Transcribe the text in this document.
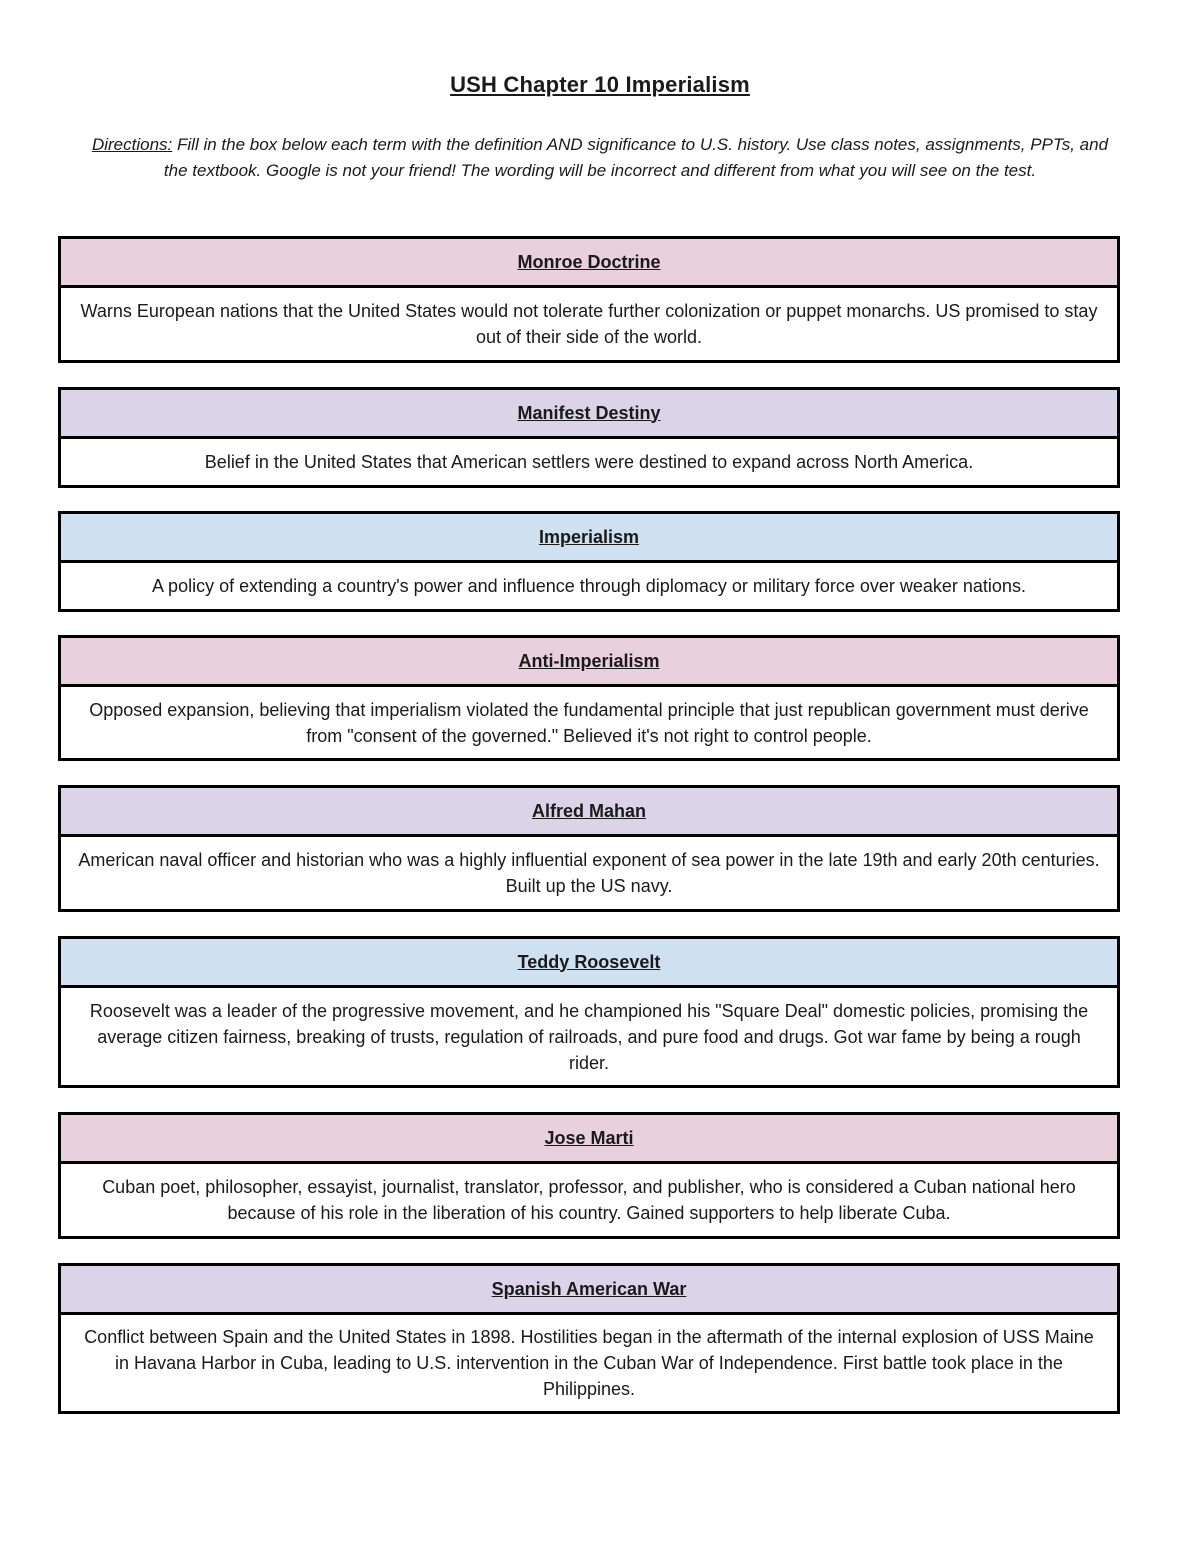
USH Chapter 10 Imperialism
Directions: Fill in the box below each term with the definition AND significance to U.S. history. Use class notes, assignments, PPTs, and the textbook. Google is not your friend! The wording will be incorrect and different from what you will see on the test.
Monroe Doctrine
Warns European nations that the United States would not tolerate further colonization or puppet monarchs. US promised to stay out of their side of the world.
Manifest Destiny
Belief in the United States that American settlers were destined to expand across North America.
Imperialism
A policy of extending a country's power and influence through diplomacy or military force over weaker nations.
Anti-Imperialism
Opposed expansion, believing that imperialism violated the fundamental principle that just republican government must derive from "consent of the governed." Believed it's not right to control people.
Alfred Mahan
American naval officer and historian who was a highly influential exponent of sea power in the late 19th and early 20th centuries. Built up the US navy.
Teddy Roosevelt
Roosevelt was a leader of the progressive movement, and he championed his "Square Deal" domestic policies, promising the average citizen fairness, breaking of trusts, regulation of railroads, and pure food and drugs. Got war fame by being a rough rider.
Jose Marti
Cuban poet, philosopher, essayist, journalist, translator, professor, and publisher, who is considered a Cuban national hero because of his role in the liberation of his country. Gained supporters to help liberate Cuba.
Spanish American War
Conflict between Spain and the United States in 1898. Hostilities began in the aftermath of the internal explosion of USS Maine in Havana Harbor in Cuba, leading to U.S. intervention in the Cuban War of Independence. First battle took place in the Philippines.
